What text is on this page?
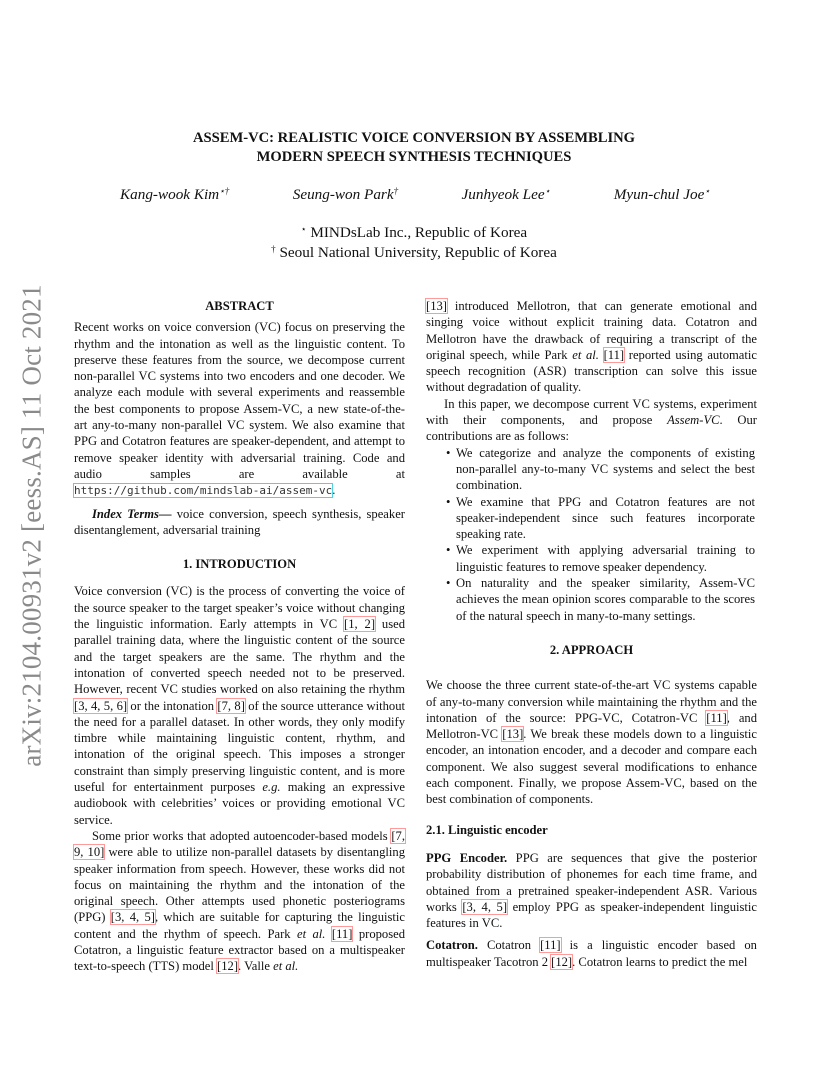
arXiv:2104.00931v2 [eess.AS] 11 Oct 2021
ASSEM-VC: REALISTIC VOICE CONVERSION BY ASSEMBLING
MODERN SPEECH SYNTHESIS TECHNIQUES
Kang-wook Kim⋆†	Seung-won Park†	Junhyeok Lee⋆	Myun-chul Joe⋆
⋆ MINDsLab Inc., Republic of Korea
† Seoul National University, Republic of Korea
ABSTRACT

Recent works on voice conversion (VC) focus on preserving the rhythm and the intonation as well as the linguistic content. To preserve these features from the source, we decompose current non-parallel VC systems into two encoders and one decoder. We analyze each module with several experiments and reassemble the best components to propose Assem-VC, a new state-of-the-art any-to-many non-parallel VC system. We also examine that PPG and Cotatron features are speaker-dependent, and attempt to remove speaker identity with adversarial training. Code and audio samples are available at https://github.com/mindslab-ai/assem-vc.

Index Terms— voice conversion, speech synthesis, speaker disentanglement, adversarial training

1. INTRODUCTION

Voice conversion (VC) is the process of converting the voice of the source speaker to the target speaker’s voice without changing the linguistic information. Early attempts in VC [1, 2] used parallel training data, where the linguistic content of the source and the target speakers are the same. The rhythm and the intonation of converted speech needed not to be preserved. However, recent VC studies worked on also retaining the rhythm [3, 4, 5, 6] or the intonation [7, 8] of the source utterance without the need for a parallel dataset. In other words, they only modify timbre while maintaining linguistic content, rhythm, and intonation of the original speech. This imposes a stronger constraint than simply preserving linguistic content, and is more useful for entertainment purposes e.g. making an expressive audiobook with celebrities’ voices or providing emotional VC service.

Some prior works that adopted autoencoder-based models [7, 9, 10] were able to utilize non-parallel datasets by disentangling speaker information from speech. However, these works did not focus on maintaining the rhythm and the intonation of the original speech. Other attempts used phonetic posteriograms (PPG) [3, 4, 5], which are suitable for capturing the linguistic content and the rhythm of speech. Park et al. [11] proposed Cotatron, a linguistic feature extractor based on a multispeaker text-to-speech (TTS) model [12]. Valle et al.

[13] introduced Mellotron, that can generate emotional and singing voice without explicit training data. Cotatron and Mellotron have the drawback of requiring a transcript of the original speech, while Park et al. [11] reported using automatic speech recognition (ASR) transcription can solve this issue without degradation of quality.

In this paper, we decompose current VC systems, experiment with their components, and propose Assem-VC. Our contributions are as follows:

• We categorize and analyze the components of existing non-parallel any-to-many VC systems and select the best combination.
• We examine that PPG and Cotatron features are not speaker-independent since such features incorporate speaking rate.
• We experiment with applying adversarial training to linguistic features to remove speaker dependency.
• On naturality and the speaker similarity, Assem-VC achieves the mean opinion scores comparable to the scores of the natural speech in many-to-many settings.
2. APPROACH

We choose the three current state-of-the-art VC systems capable of any-to-many conversion while maintaining the rhythm and the intonation of the source: PPG-VC, Cotatron-VC [11], and Mellotron-VC [13]. We break these models down to a linguistic encoder, an intonation encoder, and a decoder and compare each component. We also suggest several modifications to enhance each component. Finally, we propose Assem-VC, based on the best combination of components.

2.1. Linguistic encoder

PPG Encoder. PPG are sequences that give the posterior probability distribution of phonemes for each time frame, and obtained from a pretrained speaker-independent ASR. Various works [3, 4, 5] employ PPG as speaker-independent linguistic features in VC.

Cotatron. Cotatron [11] is a linguistic encoder based on multispeaker Tacotron 2 [12]. Cotatron learns to predict the mel
